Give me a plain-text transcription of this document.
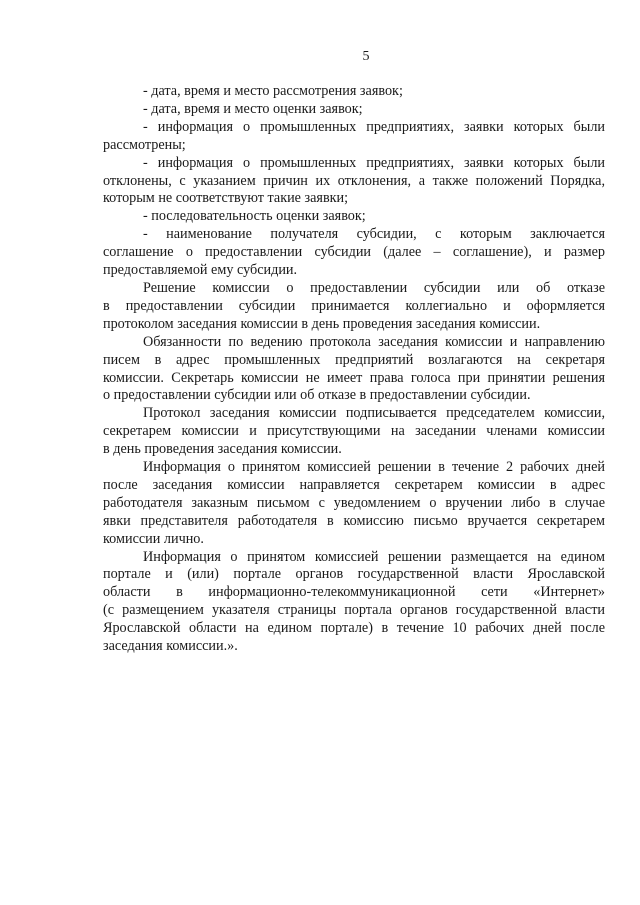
5
- дата, время и место рассмотрения заявок;
- дата, время и место оценки заявок;
- информация о промышленных предприятиях, заявки которых были
рассмотрены;
- информация о промышленных предприятиях, заявки которых были
отклонены, с указанием причин их отклонения, а также положений Порядка,
которым не соответствуют такие заявки;
- последовательность оценки заявок;
- наименование получателя субсидии, с которым заключается
соглашение о предоставлении субсидии (далее – соглашение), и размер
предоставляемой ему субсидии.
Решение комиссии о предоставлении субсидии или об отказе
в предоставлении субсидии принимается коллегиально и оформляется
протоколом заседания комиссии в день проведения заседания комиссии.
Обязанности по ведению протокола заседания комиссии и направлению
писем в адрес промышленных предприятий возлагаются на секретаря
комиссии. Секретарь комиссии не имеет права голоса при принятии решения
о предоставлении субсидии или об отказе в предоставлении субсидии.
Протокол заседания комиссии подписывается председателем комиссии,
секретарем комиссии и присутствующими на заседании членами комиссии
в день проведения заседания комиссии.
Информация о принятом комиссией решении в течение 2 рабочих дней
после заседания комиссии направляется секретарем комиссии в адрес
работодателя заказным письмом с уведомлением о вручении либо в случае
явки представителя работодателя в комиссию письмо вручается секретарем
комиссии лично.
Информация о принятом комиссией решении размещается на едином
портале и (или) портале органов государственной власти Ярославской
области в информационно-телекоммуникационной сети «Интернет»
(с размещением указателя страницы портала органов государственной власти
Ярославской области на едином портале) в течение 10 рабочих дней после
заседания комиссии.».
